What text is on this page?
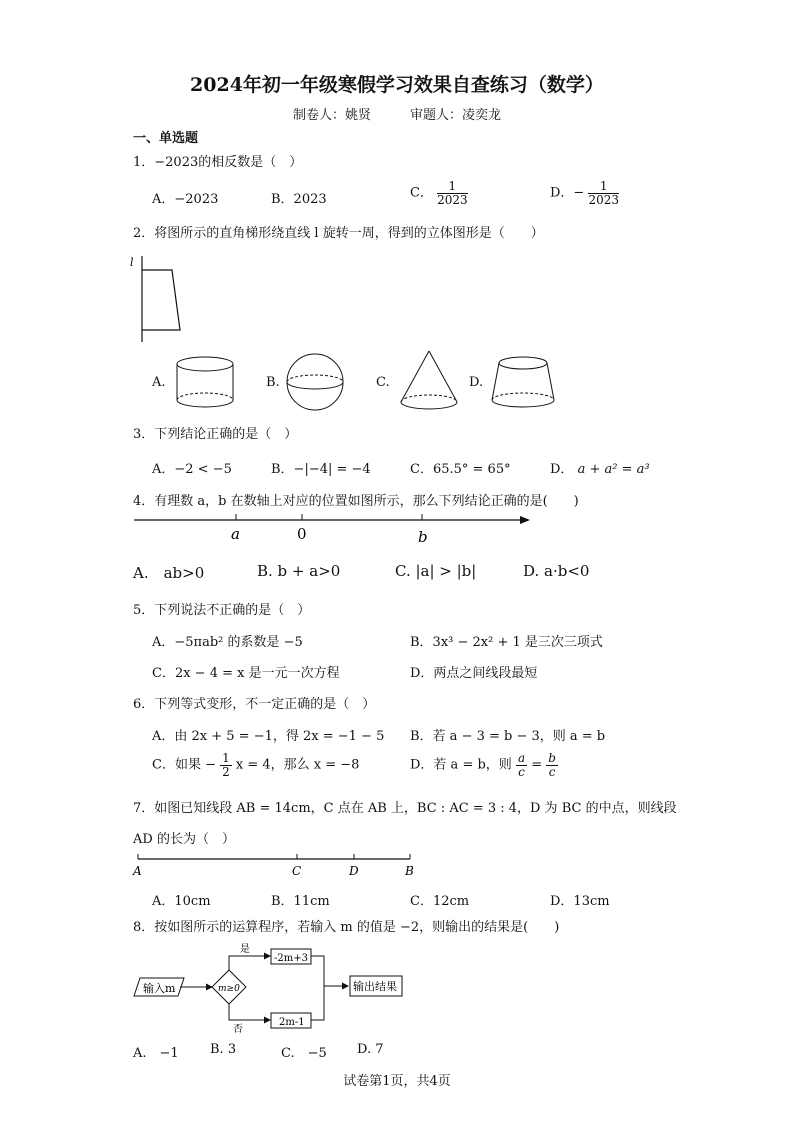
2024年初一年级寒假学习效果自查练习（数学）
制卷人：姚贤　　　审题人：凌奕龙
一、单选题
1．−2023的相反数是（　）
A．−2023	B．2023	C． $\frac{1}{2023}$	D．− $\frac{1}{2023}$
2．将图所示的直角梯形绕直线 l 旋转一周，得到的立体图形是（　　）
l
A.	B.	C.	D.
3．下列结论正确的是（　）
A．−2 < −5	B．−|−4| = −4	C．65.5° = 65°	D． a + a² = a³
4．有理数 a，b 在数轴上对应的位置如图所示，那么下列结论正确的是(　　)
a	0	b
A.　ab>0	B. b + a>0	C. |a| > |b|	D. a·b<0
5．下列说法不正确的是（　）
A．−5πab² 的系数是 −5	B．3x³ − 2x² + 1 是三次三项式
C．2x − 4 = x 是一元一次方程	D．两点之间线段最短
6．下列等式变形，不一定正确的是（　）
A．由 2x + 5 = −1，得 2x = −1 − 5 B．若 a − 3 = b − 3，则 a = b
C．如果 − $\frac{1}{2}$ x = 4，那么 x = −8	D．若 a = b，则 $\frac{a}{c} = \frac{b}{c}$
7．如图已知线段 AB = 14cm，C 点在 AB 上，BC : AC = 3 : 4，D 为 BC 的中点，则线段
AD 的长为（　）
A	C	D	B
A．10cm	B．11cm	C．12cm	D．13cm
8．按如图所示的运算程序，若输入 m 的值是 −2，则输出的结果是(　　)
输入m	m≥0
是
否
-2m+3
2m-1
输出结果
A.　−1 B. 3	C.　−5 D. 7
试卷第1页，共4页
